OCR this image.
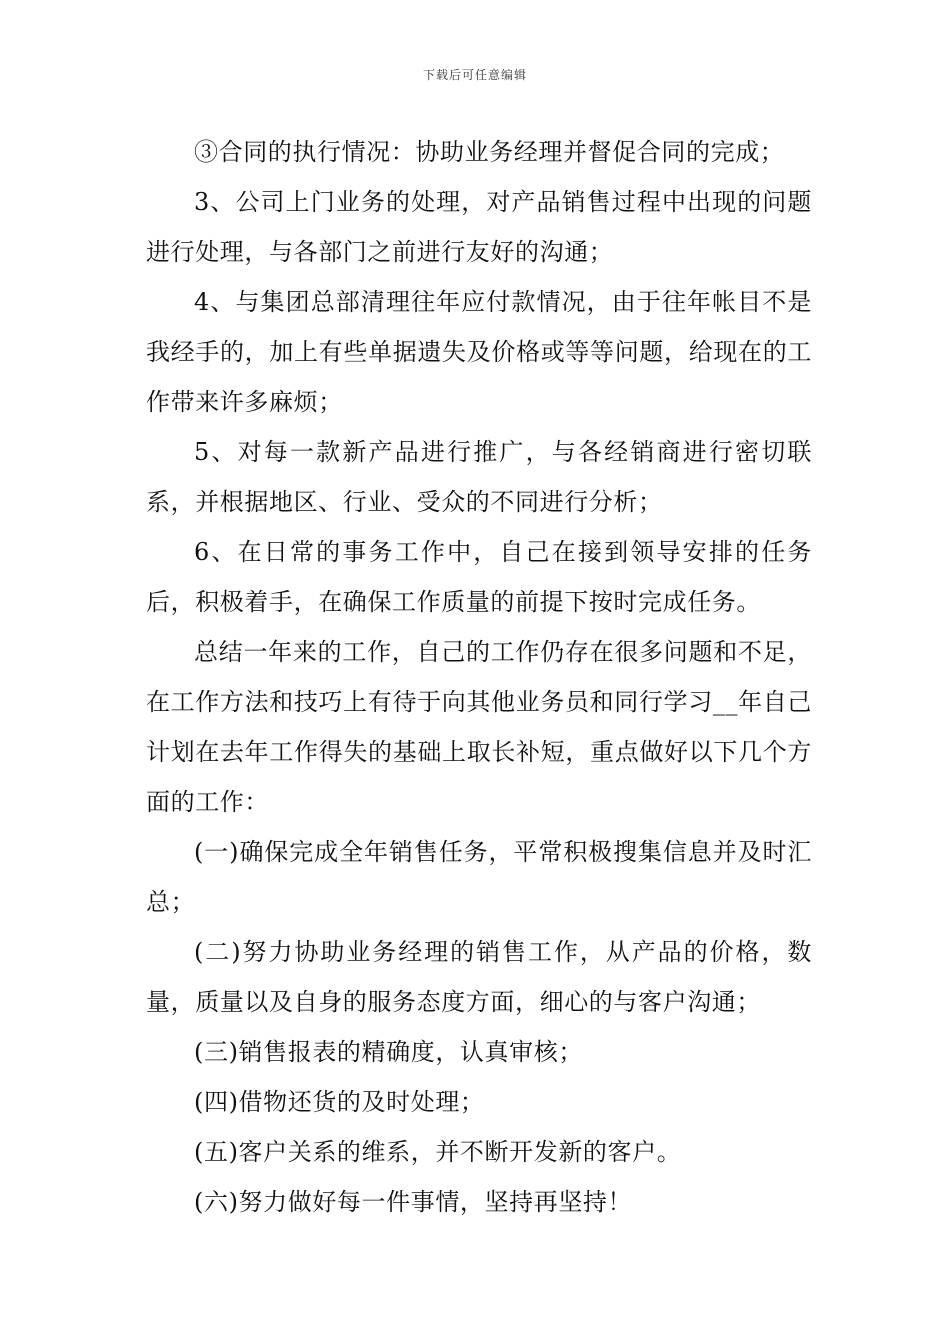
下载后可任意编辑

③合同的执行情况：协助业务经理并督促合同的完成；

3、公司上门业务的处理，对产品销售过程中出现的问题进行处理，与各部门之前进行友好的沟通；

4、与集团总部清理往年应付款情况，由于往年帐目不是我经手的，加上有些单据遗失及价格或等等问题，给现在的工作带来许多麻烦；

5、对每一款新产品进行推广，与各经销商进行密切联系，并根据地区、行业、受众的不同进行分析；

6、在日常的事务工作中，自己在接到领导安排的任务后，积极着手，在确保工作质量的前提下按时完成任务。

总结一年来的工作，自己的工作仍存在很多问题和不足，在工作方法和技巧上有待于向其他业务员和同行学习__年自己计划在去年工作得失的基础上取长补短，重点做好以下几个方面的工作：

(一)确保完成全年销售任务，平常积极搜集信息并及时汇总；

(二)努力协助业务经理的销售工作，从产品的价格，数量，质量以及自身的服务态度方面，细心的与客户沟通；

(三)销售报表的精确度，认真审核；

(四)借物还货的及时处理；

(五)客户关系的维系，并不断开发新的客户。

(六)努力做好每一件事情，坚持再坚持！
